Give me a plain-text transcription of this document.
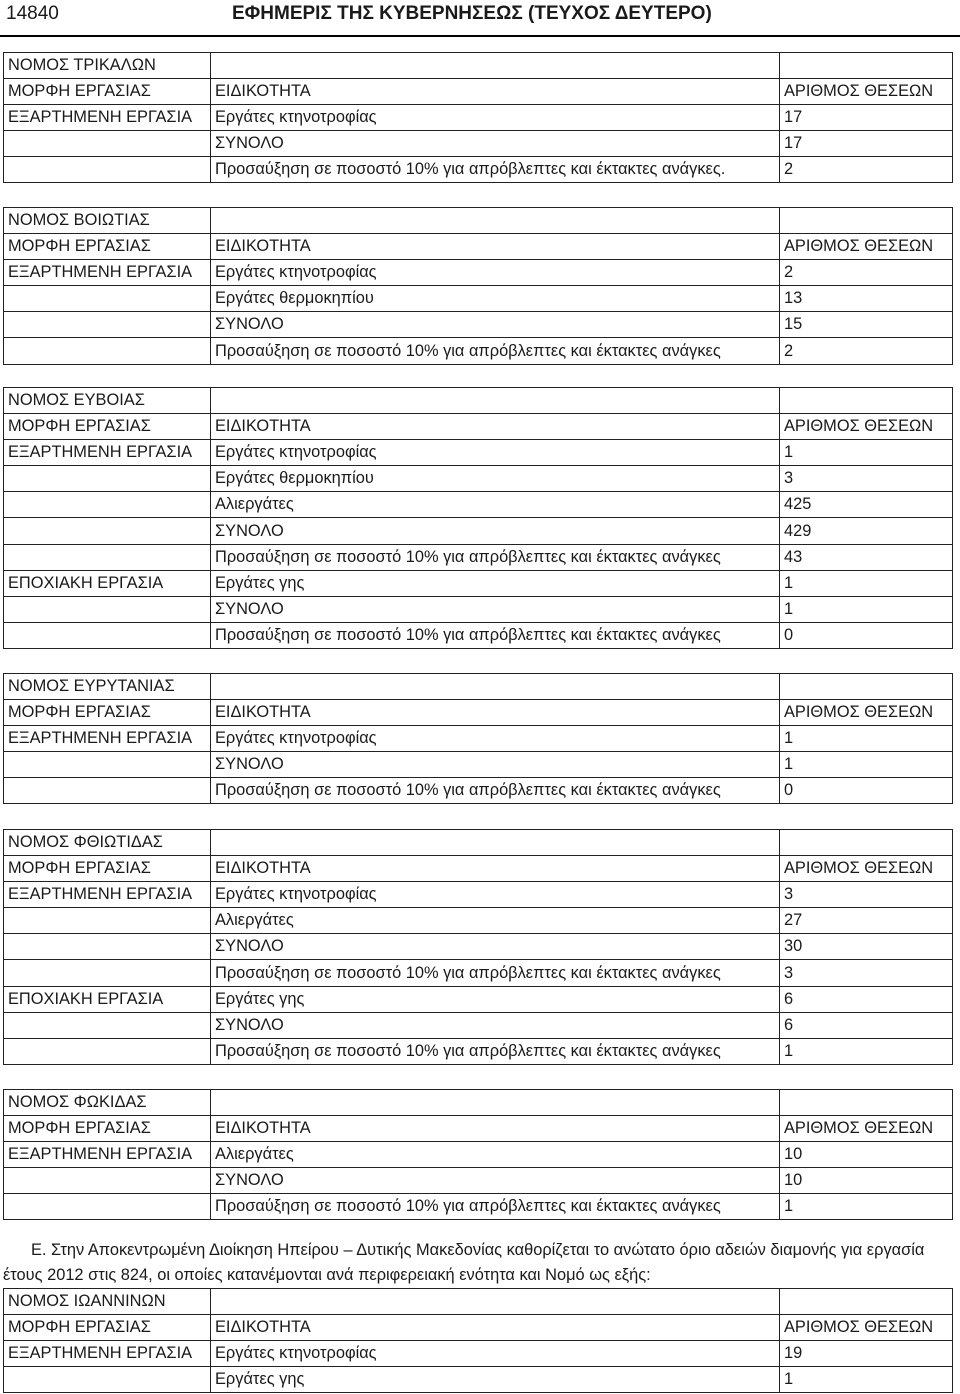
14840	ΕΦΗΜΕΡΙΣ ΤΗΣ ΚΥΒΕΡΝΗΣΕΩΣ (ΤΕΥΧΟΣ ΔΕΥΤΕΡΟ)
ΝΟΜΟΣ ΤΡΙΚΑΛΩΝ		
ΜΟΡΦΗ ΕΡΓΑΣΙΑΣ	ΕΙΔΙΚΟΤΗΤΑ	ΑΡΙΘΜΟΣ ΘΕΣΕΩΝ
ΕΞΑΡΤΗΜΕΝΗ ΕΡΓΑΣΙΑ	Εργάτες κτηνοτροφίας	17
	ΣΥΝΟΛΟ	17
	Προσαύξηση σε ποσοστό 10% για απρόβλεπτες και έκτακτες ανάγκες.	2
ΝΟΜΟΣ ΒΟΙΩΤΙΑΣ		
ΜΟΡΦΗ ΕΡΓΑΣΙΑΣ	ΕΙΔΙΚΟΤΗΤΑ	ΑΡΙΘΜΟΣ ΘΕΣΕΩΝ
ΕΞΑΡΤΗΜΕΝΗ ΕΡΓΑΣΙΑ	Εργάτες κτηνοτροφίας	2
	Εργάτες θερμοκηπίου	13
	ΣΥΝΟΛΟ	15
	Προσαύξηση σε ποσοστό 10% για απρόβλεπτες και έκτακτες ανάγκες	2
ΝΟΜΟΣ ΕΥΒΟΙΑΣ		
ΜΟΡΦΗ ΕΡΓΑΣΙΑΣ	ΕΙΔΙΚΟΤΗΤΑ	ΑΡΙΘΜΟΣ ΘΕΣΕΩΝ
ΕΞΑΡΤΗΜΕΝΗ ΕΡΓΑΣΙΑ	Εργάτες κτηνοτροφίας	1
	Εργάτες θερμοκηπίου	3
	Αλιεργάτες	425
	ΣΥΝΟΛΟ	429
	Προσαύξηση σε ποσοστό 10% για απρόβλεπτες και έκτακτες ανάγκες	43
ΕΠΟΧΙΑΚΗ ΕΡΓΑΣΙΑ	Εργάτες γης	1
	ΣΥΝΟΛΟ	1
	Προσαύξηση σε ποσοστό 10% για απρόβλεπτες και έκτακτες ανάγκες	0
ΝΟΜΟΣ ΕΥΡΥΤΑΝΙΑΣ		
ΜΟΡΦΗ ΕΡΓΑΣΙΑΣ	ΕΙΔΙΚΟΤΗΤΑ	ΑΡΙΘΜΟΣ ΘΕΣΕΩΝ
ΕΞΑΡΤΗΜΕΝΗ ΕΡΓΑΣΙΑ	Εργάτες κτηνοτροφίας	1
	ΣΥΝΟΛΟ	1
	Προσαύξηση σε ποσοστό 10% για απρόβλεπτες και έκτακτες ανάγκες	0
ΝΟΜΟΣ ΦΘΙΩΤΙΔΑΣ		
ΜΟΡΦΗ ΕΡΓΑΣΙΑΣ	ΕΙΔΙΚΟΤΗΤΑ	ΑΡΙΘΜΟΣ ΘΕΣΕΩΝ
ΕΞΑΡΤΗΜΕΝΗ ΕΡΓΑΣΙΑ	Εργάτες κτηνοτροφίας	3
	Αλιεργάτες	27
	ΣΥΝΟΛΟ	30
	Προσαύξηση σε ποσοστό 10% για απρόβλεπτες και έκτακτες ανάγκες	3
ΕΠΟΧΙΑΚΗ ΕΡΓΑΣΙΑ	Εργάτες γης	6
	ΣΥΝΟΛΟ	6
	Προσαύξηση σε ποσοστό 10% για απρόβλεπτες και έκτακτες ανάγκες	1
ΝΟΜΟΣ ΦΩΚΙΔΑΣ		
ΜΟΡΦΗ ΕΡΓΑΣΙΑΣ	ΕΙΔΙΚΟΤΗΤΑ	ΑΡΙΘΜΟΣ ΘΕΣΕΩΝ
ΕΞΑΡΤΗΜΕΝΗ ΕΡΓΑΣΙΑ	Αλιεργάτες	10
	ΣΥΝΟΛΟ	10
	Προσαύξηση σε ποσοστό 10% για απρόβλεπτες και έκτακτες ανάγκες	1
Ε. Στην Αποκεντρωμένη Διοίκηση Ηπείρου – Δυτικής Μακεδονίας καθορίζεται το ανώτατο όριο αδειών διαμονής για εργασία έτους 2012 στις 824, οι οποίες κατανέμονται ανά περιφερειακή ενότητα και Νομό ως εξής:
ΝΟΜΟΣ ΙΩΑΝΝΙΝΩΝ		
ΜΟΡΦΗ ΕΡΓΑΣΙΑΣ	ΕΙΔΙΚΟΤΗΤΑ	ΑΡΙΘΜΟΣ ΘΕΣΕΩΝ
ΕΞΑΡΤΗΜΕΝΗ ΕΡΓΑΣΙΑ	Εργάτες κτηνοτροφίας	19
	Εργάτες γης	1
